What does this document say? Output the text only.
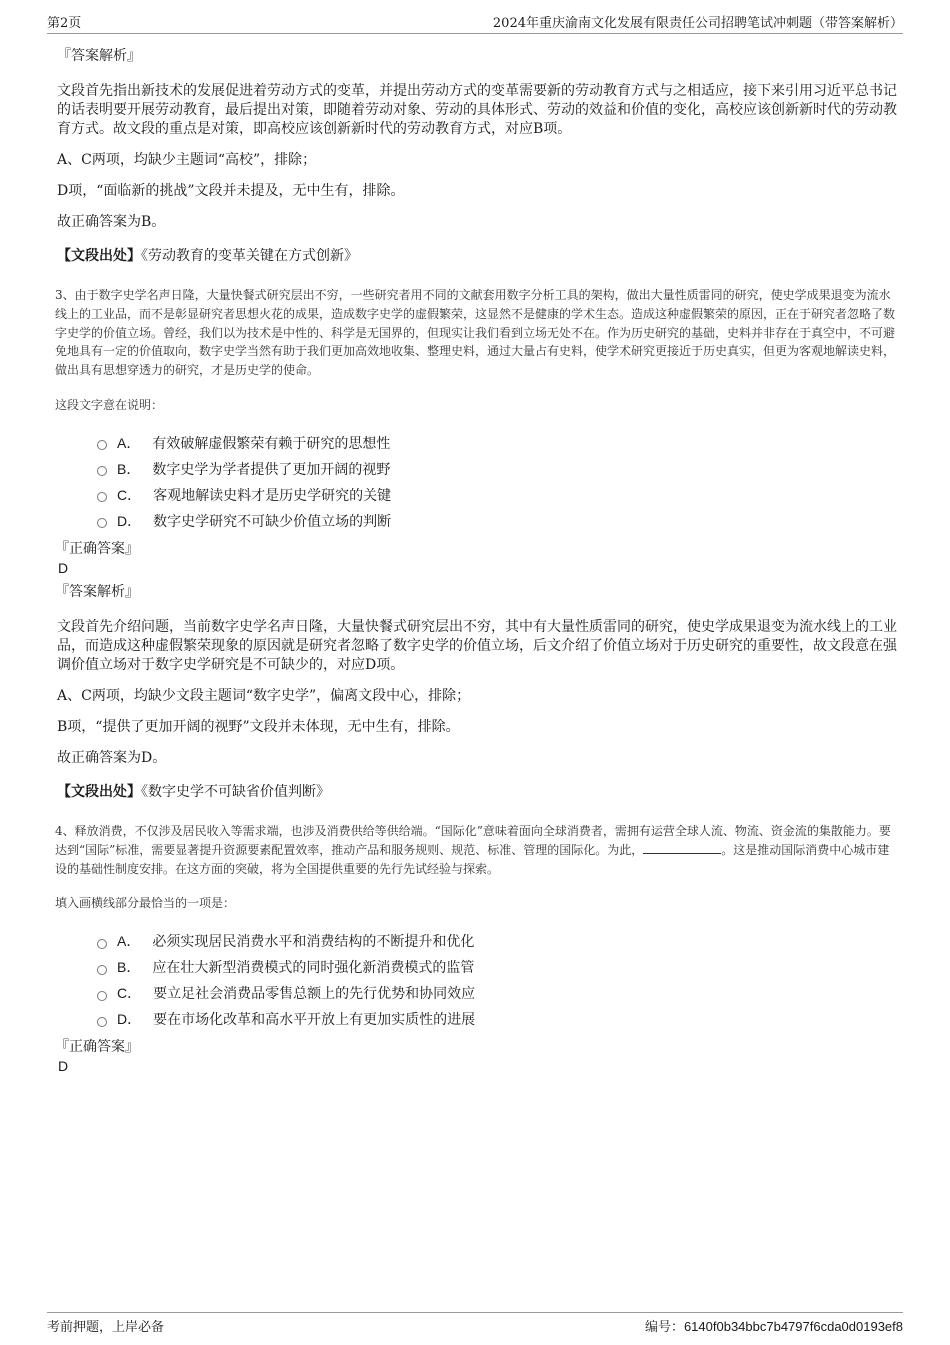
第2页	2024年重庆渝南文化发展有限责任公司招聘笔试冲刺题（带答案解析）
『答案解析』

文段首先指出新技术的发展促进着劳动方式的变革，并提出劳动方式的变革需要新的劳动教育方式与之相适应，接下来引用习近平总书记的话表明要开展劳动教育，最后提出对策，即随着劳动对象、劳动的具体形式、劳动的效益和价值的变化，高校应该创新新时代的劳动教育方式。故文段的重点是对策，即高校应该创新新时代的劳动教育方式，对应B项。

A、C两项，均缺少主题词“高校”，排除；

D项，“面临新的挑战”文段并未提及，无中生有，排除。

故正确答案为B。

【文段出处】《劳动教育的变革关键在方式创新》

3、由于数字史学名声日隆，大量快餐式研究层出不穷，一些研究者用不同的文献套用数字分析工具的架构，做出大量性质雷同的研究，使史学成果退变为流水线上的工业品，而不是彰显研究者思想火花的成果，造成数字史学的虚假繁荣，这显然不是健康的学术生态。造成这种虚假繁荣的原因，正在于研究者忽略了数字史学的价值立场。曾经，我们以为技术是中性的、科学是无国界的，但现实让我们看到立场无处不在。作为历史研究的基础，史料并非存在于真空中，不可避免地具有一定的价值取向，数字史学当然有助于我们更加高效地收集、整理史料，通过大量占有史料，使学术研究更接近于历史真实，但更为客观地解读史料，做出具有思想穿透力的研究，才是历史学的使命。

这段文字意在说明：

A． 有效破解虚假繁荣有赖于研究的思想性
B． 数字史学为学者提供了更加开阔的视野
C． 客观地解读史料才是历史学研究的关键
D． 数字史学研究不可缺少价值立场的判断
『正确答案』
D
『答案解析』

文段首先介绍问题，当前数字史学名声日隆，大量快餐式研究层出不穷，其中有大量性质雷同的研究，使史学成果退变为流水线上的工业品，而造成这种虚假繁荣现象的原因就是研究者忽略了数字史学的价值立场，后文介绍了价值立场对于历史研究的重要性，故文段意在强调价值立场对于数字史学研究是不可缺少的，对应D项。

A、C两项，均缺少文段主题词“数字史学”，偏离文段中心，排除；

B项，“提供了更加开阔的视野”文段并未体现，无中生有，排除。

故正确答案为D。

【文段出处】《数字史学不可缺省价值判断》

4、释放消费，不仅涉及居民收入等需求端，也涉及消费供给等供给端。“国际化”意味着面向全球消费者，需拥有运营全球人流、物流、资金流的集散能力。要达到“国际”标准，需要显著提升资源要素配置效率，推动产品和服务规则、规范、标准、管理的国际化。为此，	。这是推动国际消费中心城市建设的基础性制度安排。在这方面的突破，将为全国提供重要的先行先试经验与探索。

填入画横线部分最恰当的一项是：

A． 必须实现居民消费水平和消费结构的不断提升和优化
B． 应在壮大新型消费模式的同时强化新消费模式的监管
C． 要立足社会消费品零售总额上的先行优势和协同效应
D． 要在市场化改革和高水平开放上有更加实质性的进展
『正确答案』
D
考前押题，上岸必备	编号：6140f0b34bbc7b4797f6cda0d0193ef8
